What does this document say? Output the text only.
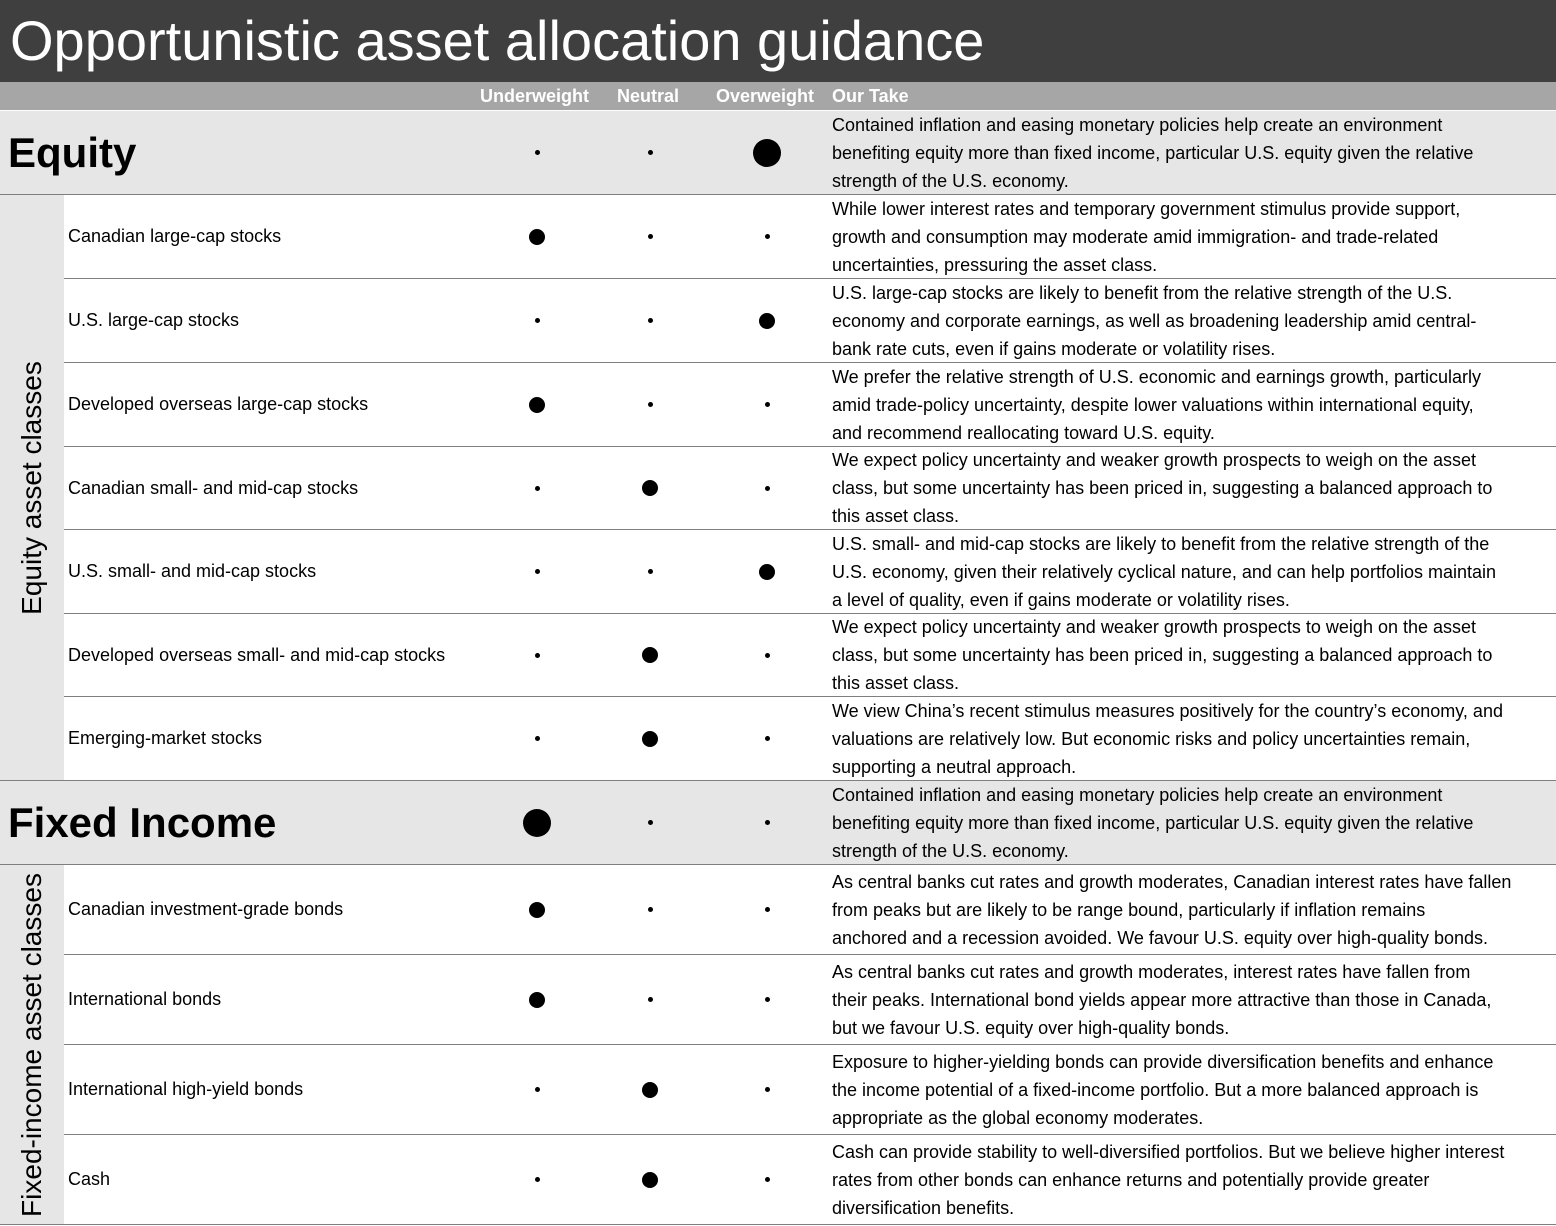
Opportunistic asset allocation guidance
Underweight Neutral Overweight Our Take
Equity
Contained inflation and easing monetary policies help create an environment
benefiting equity more than fixed income, particular U.S. equity given the relative
strength of the U.S. economy.
Equity asset classes
Canadian large-cap stocks
While lower interest rates and temporary government stimulus provide support,
growth and consumption may moderate amid immigration- and trade-related
uncertainties, pressuring the asset class.
U.S. large-cap stocks
U.S. large-cap stocks are likely to benefit from the relative strength of the U.S.
economy and corporate earnings, as well as broadening leadership amid central-
bank rate cuts, even if gains moderate or volatility rises.
Developed overseas large-cap stocks
We prefer the relative strength of U.S. economic and earnings growth, particularly
amid trade-policy uncertainty, despite lower valuations within international equity,
and recommend reallocating toward U.S. equity.
Canadian small- and mid-cap stocks
We expect policy uncertainty and weaker growth prospects to weigh on the asset
class, but some uncertainty has been priced in, suggesting a balanced approach to
this asset class.
U.S. small- and mid-cap stocks
U.S. small- and mid-cap stocks are likely to benefit from the relative strength of the
U.S. economy, given their relatively cyclical nature, and can help portfolios maintain
a level of quality, even if gains moderate or volatility rises.
Developed overseas small- and mid-cap stocks
We expect policy uncertainty and weaker growth prospects to weigh on the asset
class, but some uncertainty has been priced in, suggesting a balanced approach to
this asset class.
Emerging-market stocks
We view China’s recent stimulus measures positively for the country’s economy, and
valuations are relatively low. But economic risks and policy uncertainties remain,
supporting a neutral approach.
Fixed Income
Contained inflation and easing monetary policies help create an environment
benefiting equity more than fixed income, particular U.S. equity given the relative
strength of the U.S. economy.
Fixed-income asset classes Canadian investment-grade bonds
As central banks cut rates and growth moderates, Canadian interest rates have fallen
from peaks but are likely to be range bound, particularly if inflation remains
anchored and a recession avoided. We favour U.S. equity over high-quality bonds.
International bonds
As central banks cut rates and growth moderates, interest rates have fallen from
their peaks. International bond yields appear more attractive than those in Canada,
but we favour U.S. equity over high-quality bonds.
International high-yield bonds
Exposure to higher-yielding bonds can provide diversification benefits and enhance
the income potential of a fixed-income portfolio. But a more balanced approach is
appropriate as the global economy moderates.
Cash
Cash can provide stability to well-diversified portfolios. But we believe higher interest
rates from other bonds can enhance returns and potentially provide greater
diversification benefits.
